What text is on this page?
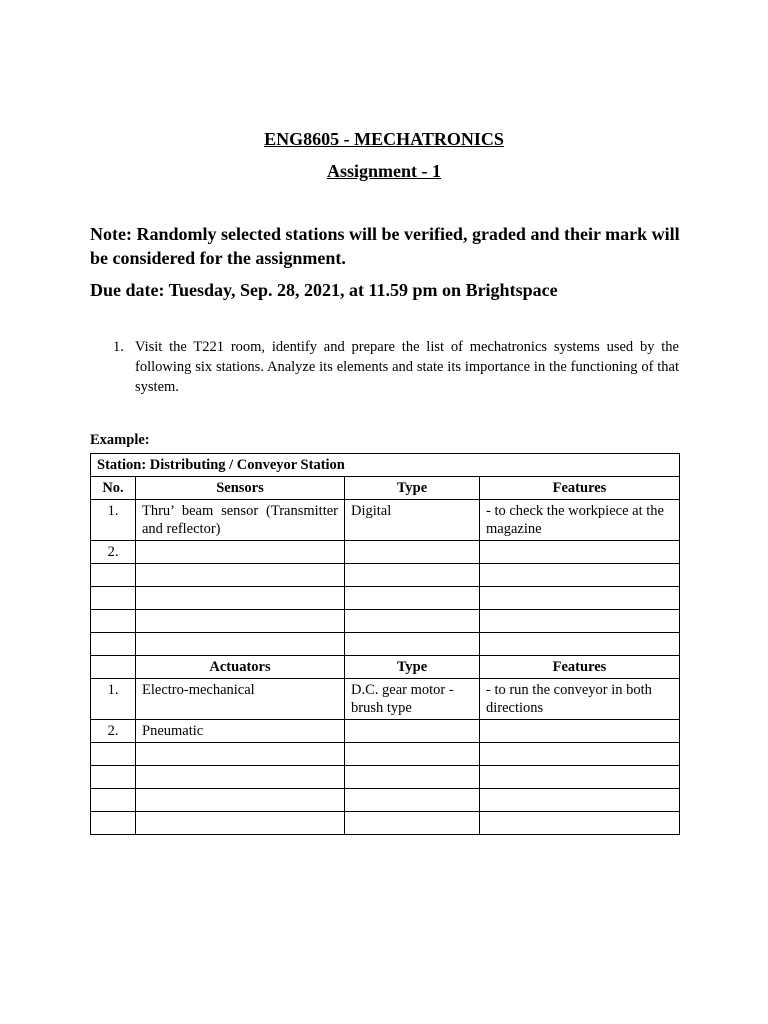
ENG8605 - MECHATRONICS
Assignment - 1
Note: Randomly selected stations will be verified, graded and their mark will be considered for the assignment.
Due date: Tuesday, Sep. 28, 2021, at 11.59 pm on Brightspace
1. Visit the T221 room, identify and prepare the list of mechatronics systems used by the following six stations. Analyze its elements and state its importance in the functioning of that system.
Example:
Station: Distributing / Conveyor Station			
No.	Sensors	Type	Features
1.	Thru’ beam sensor (Transmitter and reflector)	Digital	- to check the workpiece at the magazine
2.			

	Actuators	Type	Features
1.	Electro-mechanical	D.C. gear motor - brush type	- to run the conveyor in both directions
2.	Pneumatic		
